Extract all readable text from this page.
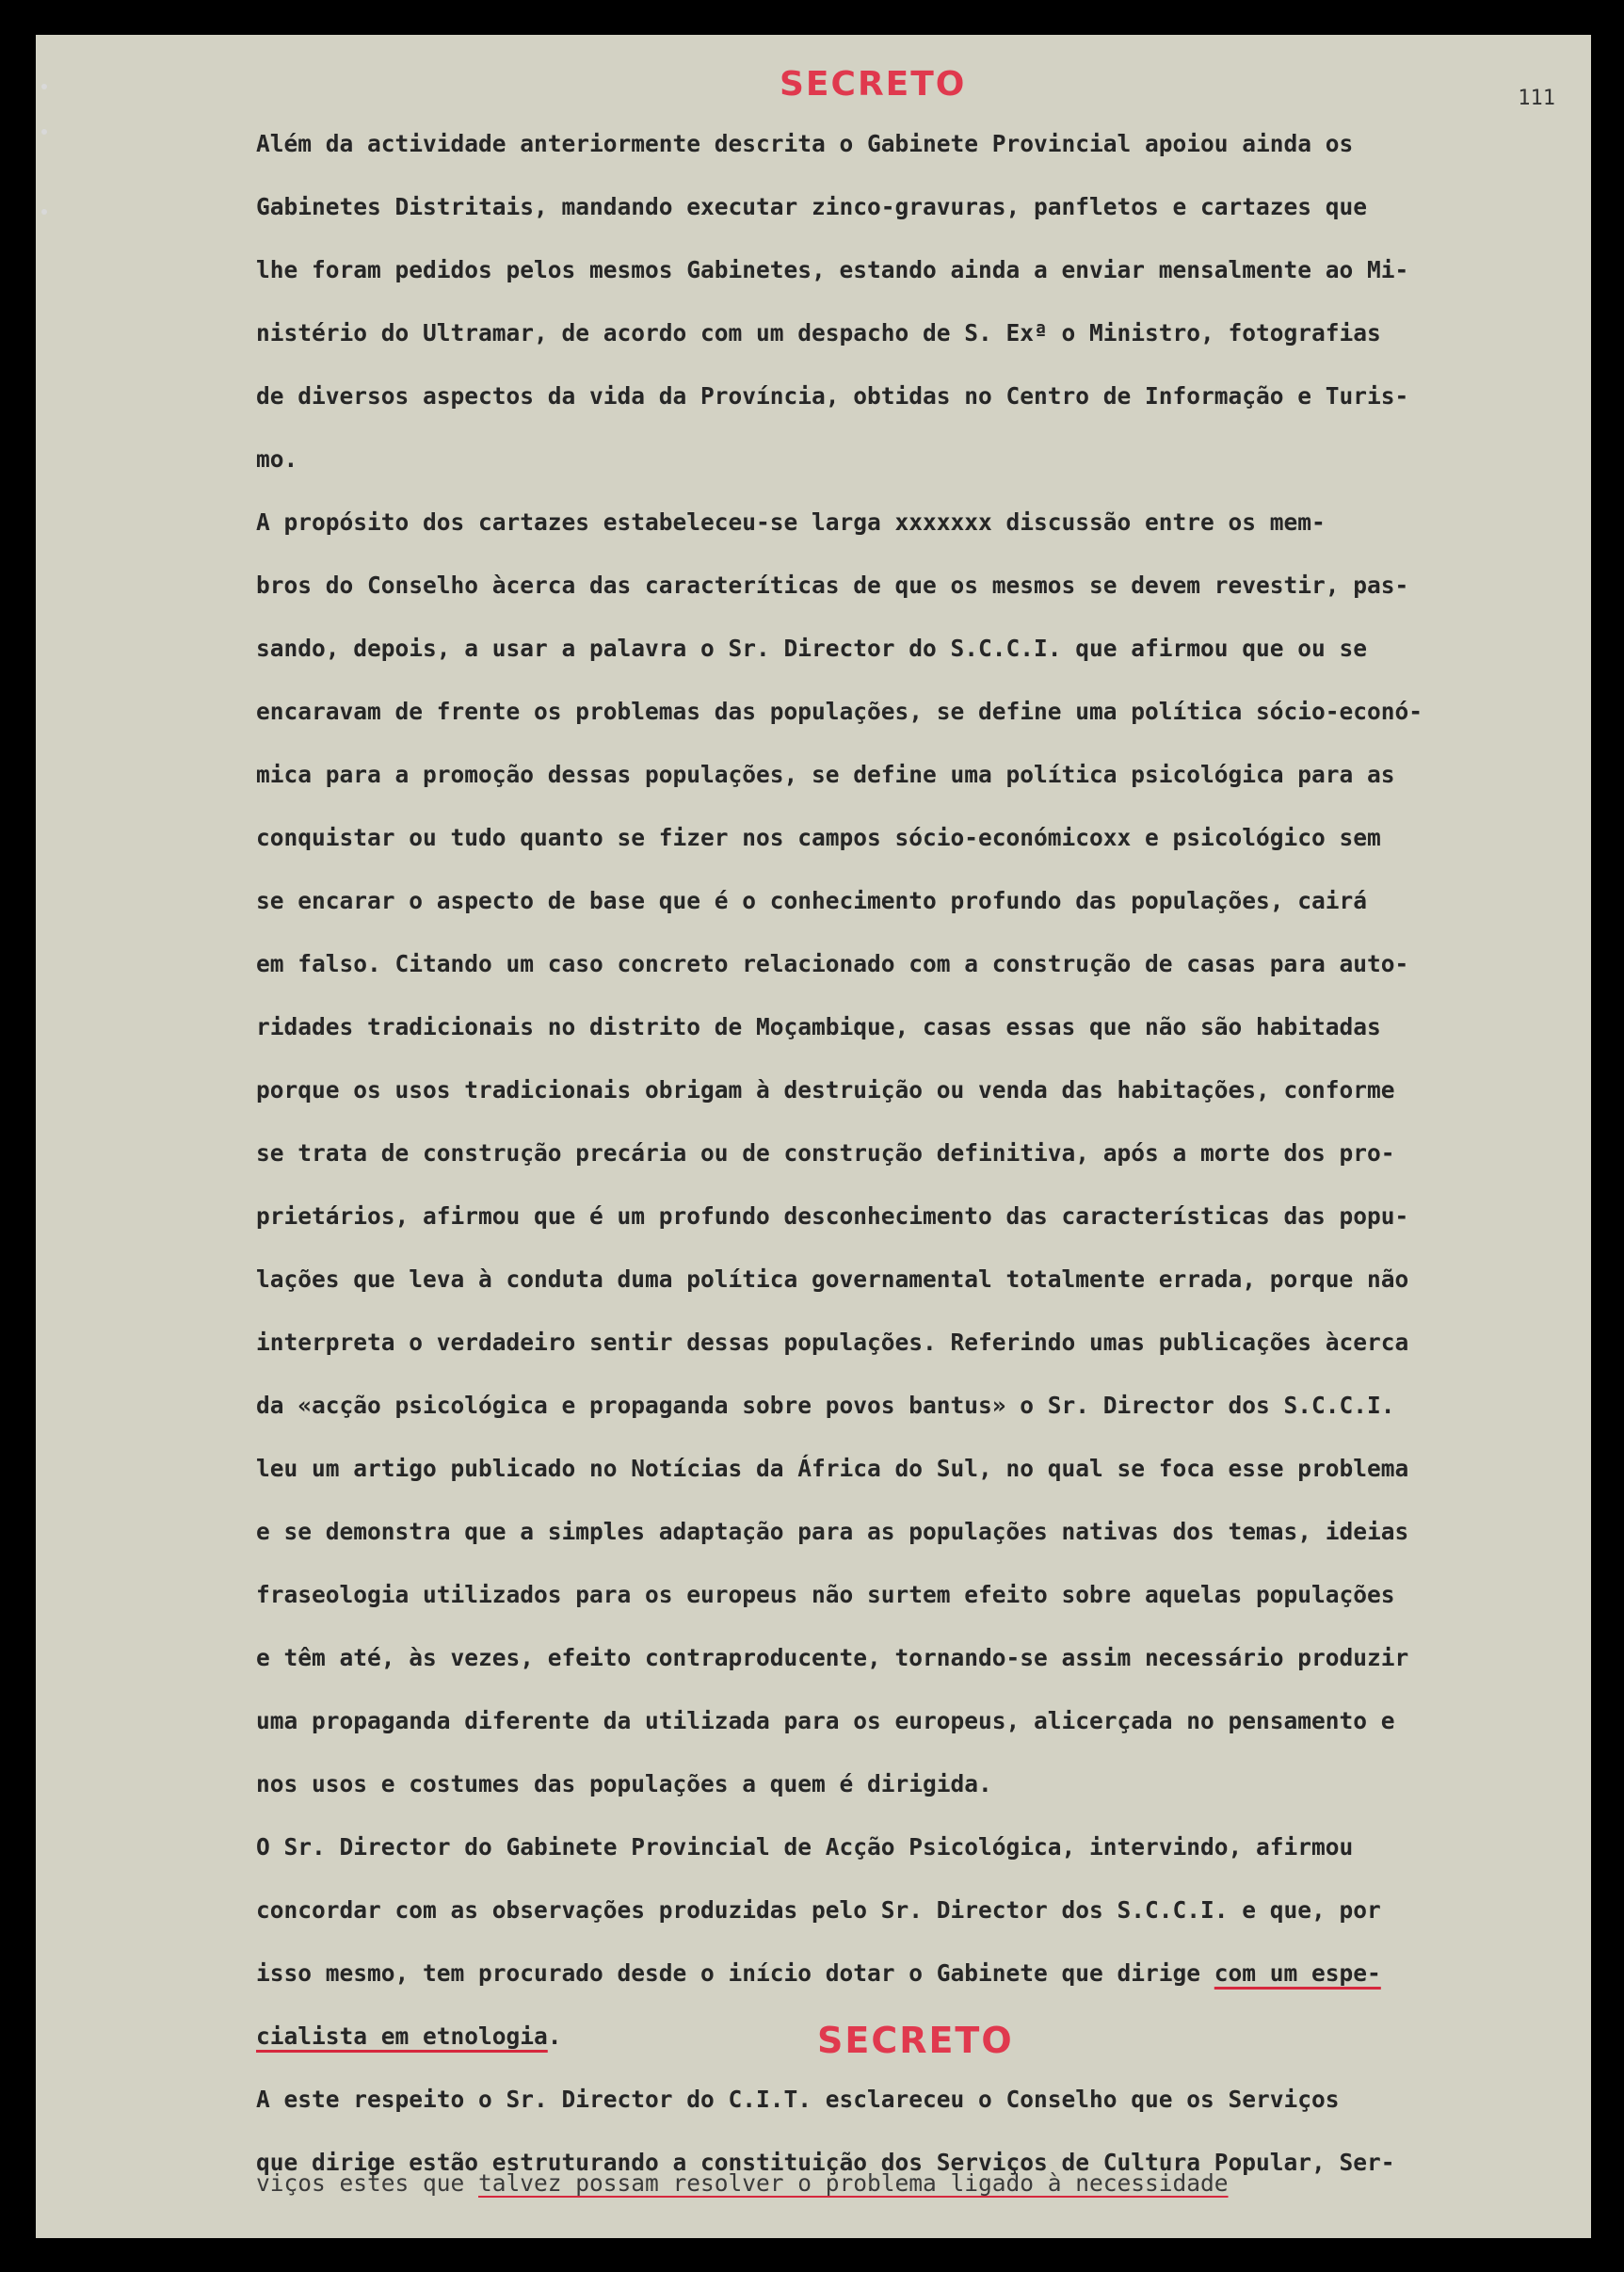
SECRETO	111
Além da actividade anteriormente descrita o Gabinete Provincial apoiou ainda os
Gabinetes Distritais, mandando executar zinco-gravuras, panfletos e cartazes que
lhe foram pedidos pelos mesmos Gabinetes, estando ainda a enviar mensalmente ao Mi-
nistério do Ultramar, de acordo com um despacho de S. Exª o Ministro, fotografias
de diversos aspectos da vida da Província, obtidas no Centro de Informação e Turis-
mo.
A propósito dos cartazes estabeleceu-se larga xxxxxxx discussão entre os mem-
bros do Conselho àcerca das caracteríticas de que os mesmos se devem revestir, pas-
sando, depois, a usar a palavra o Sr. Director do S.C.C.I. que afirmou que ou se
encaravam de frente os problemas das populações, se define uma política sócio-econó-
mica para a promoção dessas populações, se define uma política psicológica para as
conquistar ou tudo quanto se fizer nos campos sócio-económicoxx e psicológico sem
se encarar o aspecto de base que é o conhecimento profundo das populações, cairá
em falso. Citando um caso concreto relacionado com a construção de casas para auto-
ridades tradicionais no distrito de Moçambique, casas essas que não são habitadas
porque os usos tradicionais obrigam à destruição ou venda das habitações, conforme
se trata de construção precária ou de construção definitiva, após a morte dos pro-
prietários, afirmou que é um profundo desconhecimento das características das popu-
lações que leva à conduta duma política governamental totalmente errada, porque não
interpreta o verdadeiro sentir dessas populações. Referindo umas publicações àcerca
da «acção psicológica e propaganda sobre povos bantus» o Sr. Director dos S.C.C.I.
leu um artigo publicado no Notícias da África do Sul, no qual se foca esse problema
e se demonstra que a simples adaptação para as populações nativas dos temas, ideias
fraseologia utilizados para os europeus não surtem efeito sobre aquelas populações
e têm até, às vezes, efeito contraproducente, tornando-se assim necessário produzir
uma propaganda diferente da utilizada para os europeus, alicerçada no pensamento e
nos usos e costumes das populações a quem é dirigida.
O Sr. Director do Gabinete Provincial de Acção Psicológica, intervindo, afirmou
concordar com as observações produzidas pelo Sr. Director dos S.C.C.I. e que, por
isso mesmo, tem procurado desde o início dotar o Gabinete que dirige com um espe-
cialista em etnologia.
A este respeito o Sr. Director do C.I.T. esclareceu o Conselho que os Serviços
que dirige estão estruturando a constituição dos Serviços de Cultura Popular, Ser-
viços estes que talvez possam resolver o problema ligado à necessidade
SECRETO
